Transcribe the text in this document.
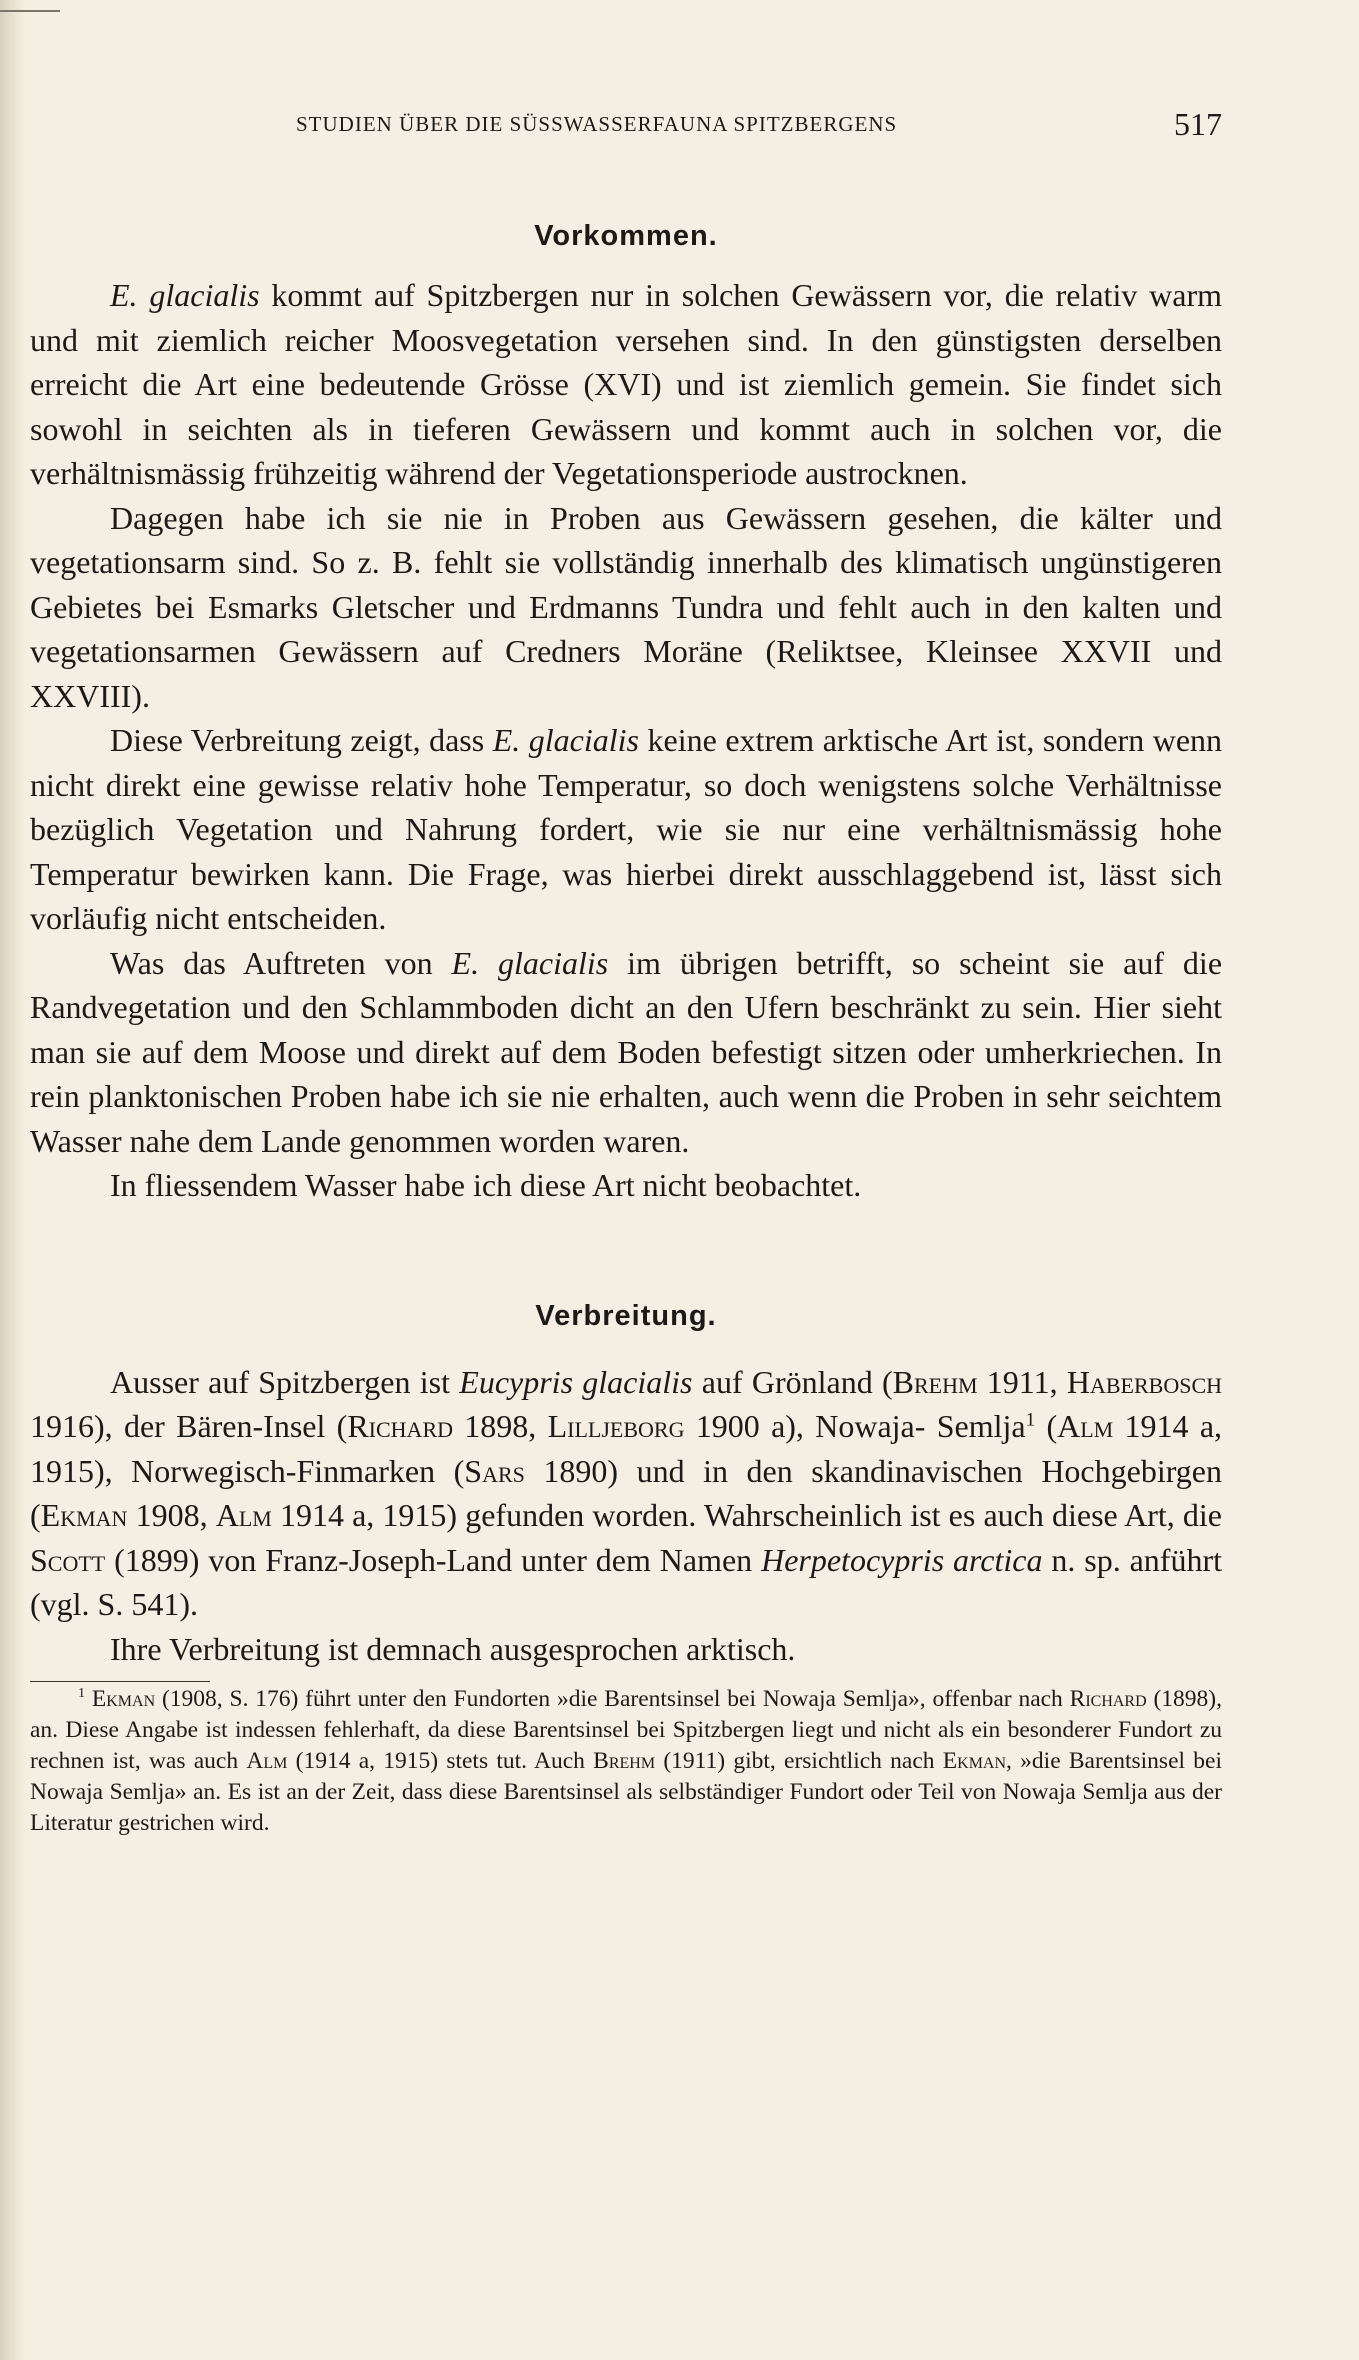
STUDIEN ÜBER DIE SÜSSWASSERFAUNA SPITZBERGENS	517
Vorkommen.

E. glacialis kommt auf Spitzbergen nur in solchen Gewässern vor, die relativ warm und mit ziemlich reicher Moosvegetation versehen sind. In den günstigsten derselben erreicht die Art eine bedeutende Grösse (XVI) und ist ziemlich gemein. Sie findet sich sowohl in seichten als in tieferen Gewässern und kommt auch in solchen vor, die verhältnismässig frühzeitig während der Vegetationsperiode austrocknen.

Dagegen habe ich sie nie in Proben aus Gewässern gesehen, die kälter und vegetationsarm sind. So z. B. fehlt sie vollständig innerhalb des klimatisch ungünstigeren Gebietes bei Esmarks Gletscher und Erdmanns Tundra und fehlt auch in den kalten und vegetationsarmen Gewässern auf Credners Moräne (Reliktsee, Kleinsee XXVII und XXVIII).

Diese Verbreitung zeigt, dass E. glacialis keine extrem arktische Art ist, sondern wenn nicht direkt eine gewisse relativ hohe Temperatur, so doch wenigstens solche Verhältnisse bezüglich Vegetation und Nahrung fordert, wie sie nur eine verhältnismässig hohe Temperatur bewirken kann. Die Frage, was hierbei direkt ausschlaggebend ist, lässt sich vorläufig nicht entscheiden.

Was das Auftreten von E. glacialis im übrigen betrifft, so scheint sie auf die Randvegetation und den Schlammboden dicht an den Ufern beschränkt zu sein. Hier sieht man sie auf dem Moose und direkt auf dem Boden befestigt sitzen oder umherkriechen. In rein planktonischen Proben habe ich sie nie erhalten, auch wenn die Proben in sehr seichtem Wasser nahe dem Lande genommen worden waren.

In fliessendem Wasser habe ich diese Art nicht beobachtet.

Verbreitung.

Ausser auf Spitzbergen ist Eucypris glacialis auf Grönland (Brehm 1911, Haberbosch 1916), der Bären-Insel (Richard 1898, Lilljeborg 1900 a), Nowaja- Semlja$^1$ (Alm 1914 a, 1915), Norwegisch-Finmarken (Sars 1890) und in den skandinavischen Hochgebirgen (Ekman 1908, Alm 1914 a, 1915) gefunden worden. Wahrscheinlich ist es auch diese Art, die Scott (1899) von Franz-Joseph-Land unter dem Namen Herpetocypris arctica n. sp. anführt (vgl. S. 541).

Ihre Verbreitung ist demnach ausgesprochen arktisch.

$^1$ Ekman (1908, S. 176) führt unter den Fundorten »die Barentsinsel bei Nowaja Semlja», offenbar nach Richard (1898), an. Diese Angabe ist indessen fehlerhaft, da diese Barentsinsel bei Spitzbergen liegt und nicht als ein besonderer Fundort zu rechnen ist, was auch Alm (1914 a, 1915) stets tut. Auch Brehm (1911) gibt, ersichtlich nach Ekman, »die Barentsinsel bei Nowaja Semlja» an. Es ist an der Zeit, dass diese Barentsinsel als selbständiger Fundort oder Teil von Nowaja Semlja aus der Literatur gestrichen wird.
